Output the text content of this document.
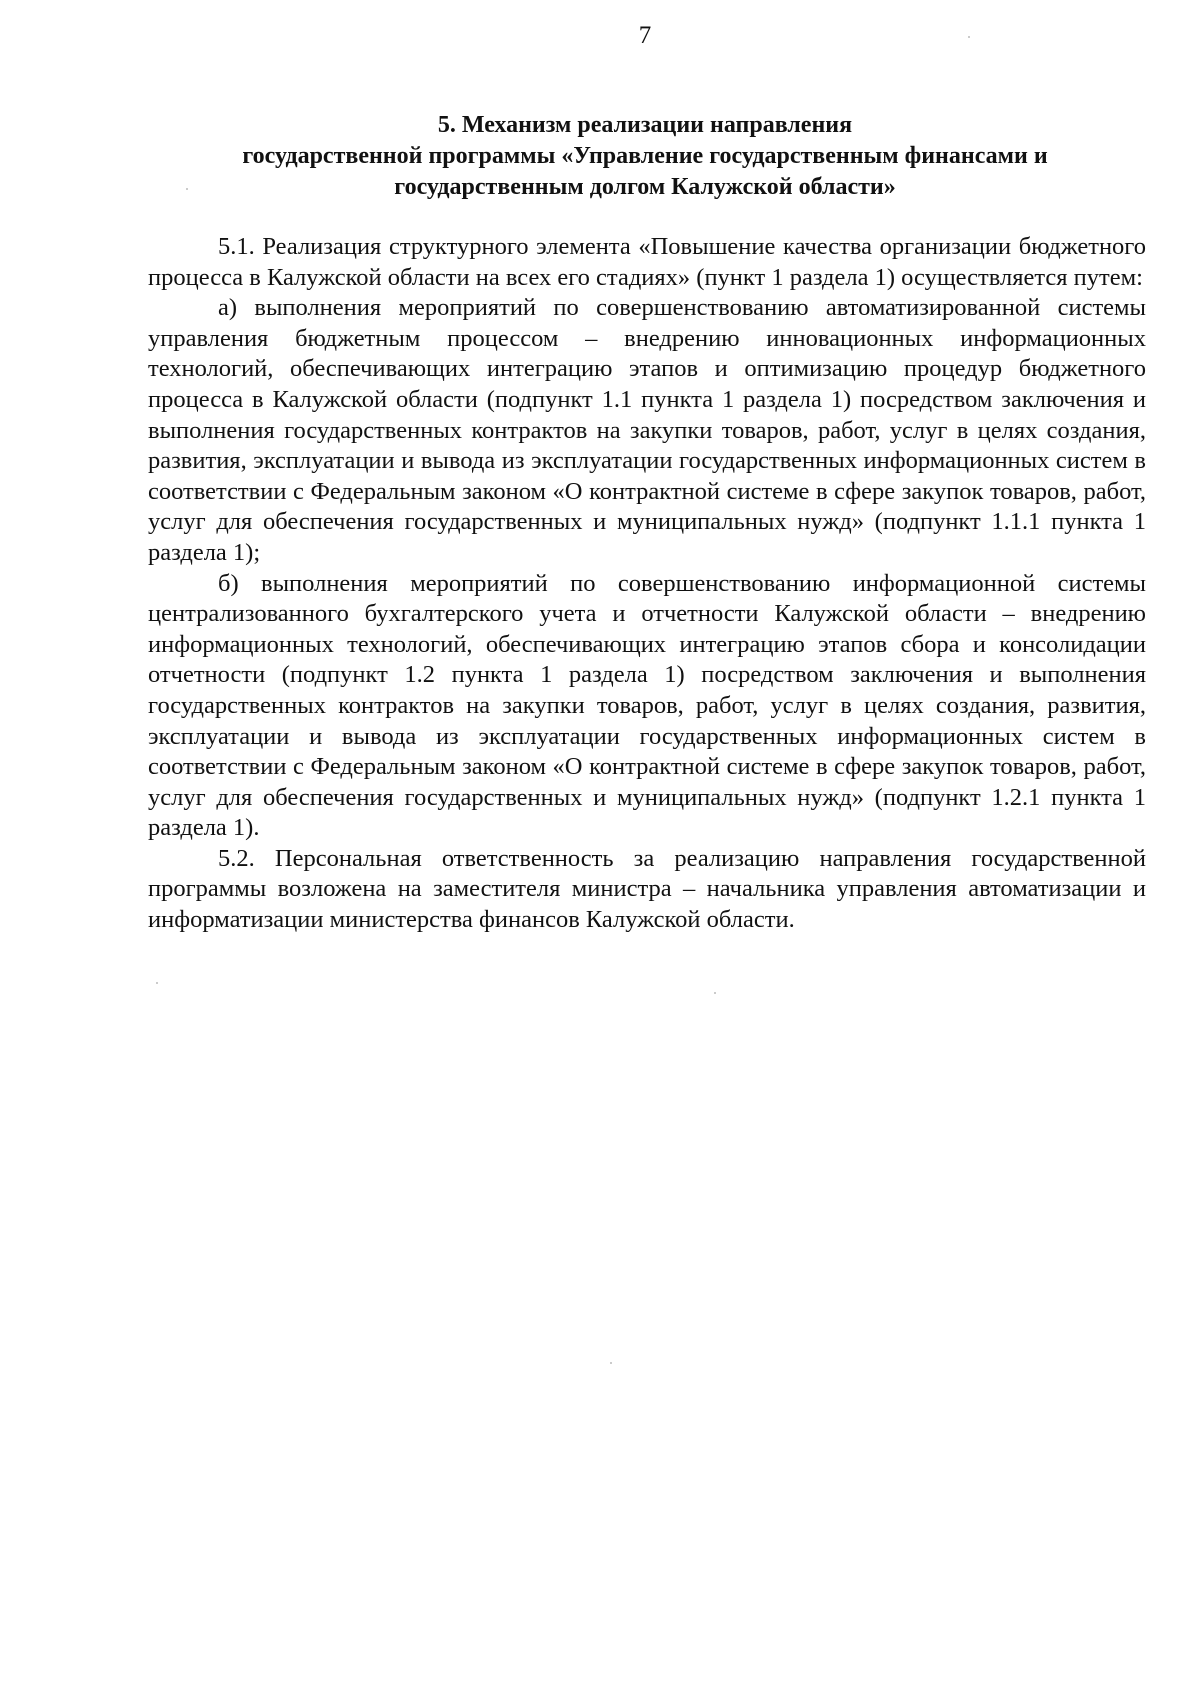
7
5. Механизм реализации направления
государственной программы «Управление государственным финансами и
государственным долгом Калужской области»

5.1. Реализация структурного элемента «Повышение качества организации бюджетного процесса в Калужской области на всех его стадиях» (пункт 1 раздела 1) осуществляется путем:

а) выполнения мероприятий по совершенствованию автоматизированной системы управления бюджетным процессом – внедрению инновационных информационных технологий, обеспечивающих интеграцию этапов и оптимизацию процедур бюджетного процесса в Калужской области (подпункт 1.1 пункта 1 раздела 1) посредством заключения и выполнения государственных контрактов на закупки товаров, работ, услуг в целях создания, развития, эксплуатации и вывода из эксплуатации государственных информационных систем в соответствии с Федеральным законом «О контрактной системе в сфере закупок товаров, работ, услуг для обеспечения государственных и муниципальных нужд» (подпункт 1.1.1 пункта 1 раздела 1);

б) выполнения мероприятий по совершенствованию информационной системы централизованного бухгалтерского учета и отчетности Калужской области – внедрению информационных технологий, обеспечивающих интеграцию этапов сбора и консолидации отчетности (подпункт 1.2 пункта 1 раздела 1) посредством заключения и выполнения государственных контрактов на закупки товаров, работ, услуг в целях создания, развития, эксплуатации и вывода из эксплуатации государственных информационных систем в соответствии с Федеральным законом «О контрактной системе в сфере закупок товаров, работ, услуг для обеспечения государственных и муниципальных нужд» (подпункт 1.2.1 пункта 1 раздела 1).

5.2. Персональная ответственность за реализацию направления государственной программы возложена на заместителя министра – начальника управления автоматизации и информатизации министерства финансов Калужской области.
